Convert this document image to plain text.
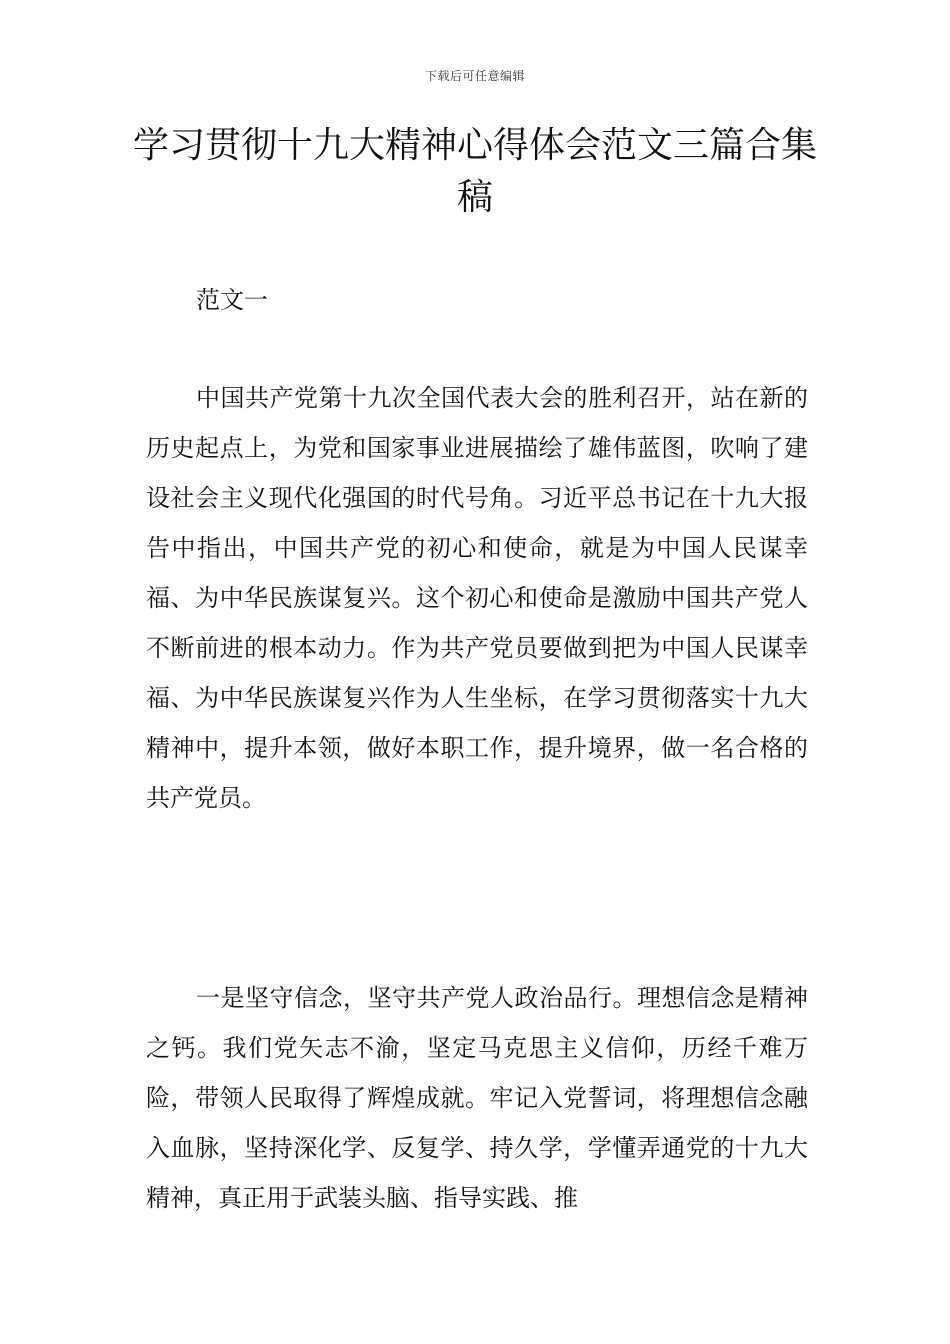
下载后可任意编辑
学习贯彻十九大精神心得体会范文三篇合集稿
范文一

中国共产党第十九次全国代表大会的胜利召开，站在新的历史起点上，为党和国家事业进展描绘了雄伟蓝图，吹响了建设社会主义现代化强国的时代号角。习近平总书记在十九大报告中指出，中国共产党的初心和使命，就是为中国人民谋幸福、为中华民族谋复兴。这个初心和使命是激励中国共产党人不断前进的根本动力。作为共产党员要做到把为中国人民谋幸福、为中华民族谋复兴作为人生坐标，在学习贯彻落实十九大精神中，提升本领，做好本职工作，提升境界，做一名合格的共产党员。

一是坚守信念，坚守共产党人政治品行。理想信念是精神之钙。我们党矢志不渝，坚定马克思主义信仰，历经千难万险，带领人民取得了辉煌成就。牢记入党誓词，将理想信念融入血脉，坚持深化学、反复学、持久学，学懂弄通党的十九大精神，真正用于武装头脑、指导实践、推
